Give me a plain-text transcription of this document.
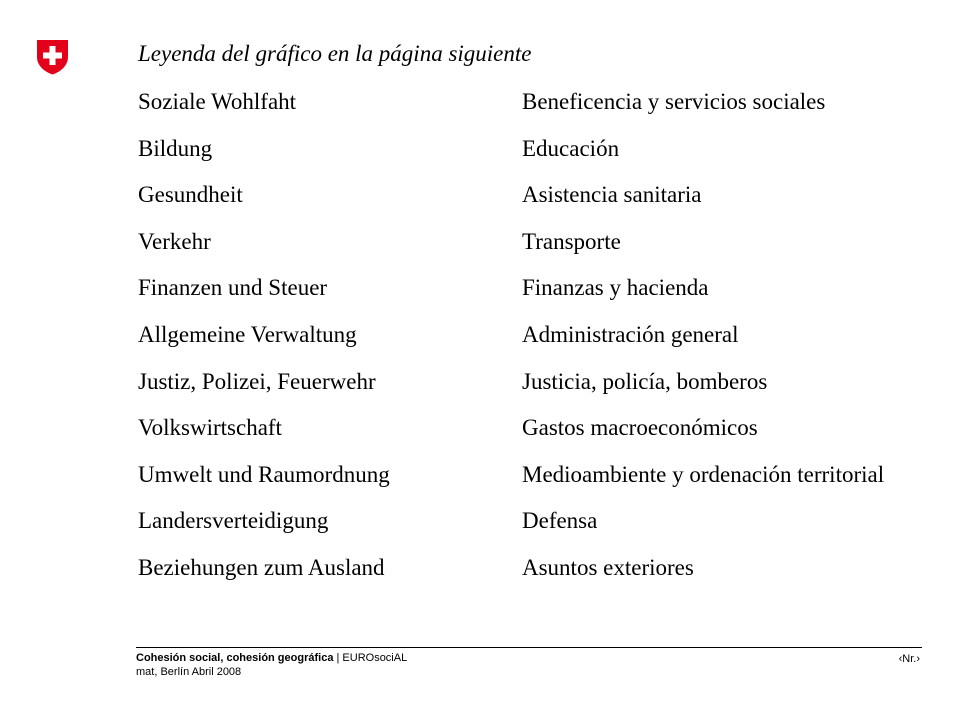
Leyenda del gráfico en la página siguiente
Soziale Wohlfaht	Beneficencia y servicios sociales
Bildung	Educación
Gesundheit	Asistencia sanitaria
Verkehr	Transporte
Finanzen und Steuer	Finanzas y hacienda
Allgemeine Verwaltung	Administración general
Justiz, Polizei, Feuerwehr	Justicia, policía, bomberos
Volkswirtschaft	Gastos macroeconómicos
Umwelt und Raumordnung	Medioambiente y ordenación territorial
Landersverteidigung	Defensa
Beziehungen zum Ausland	Asuntos exteriores
Cohesión social, cohesión geográfica | EUROsociAL
mat, Berlín Abril 2008
‹Nr.›
